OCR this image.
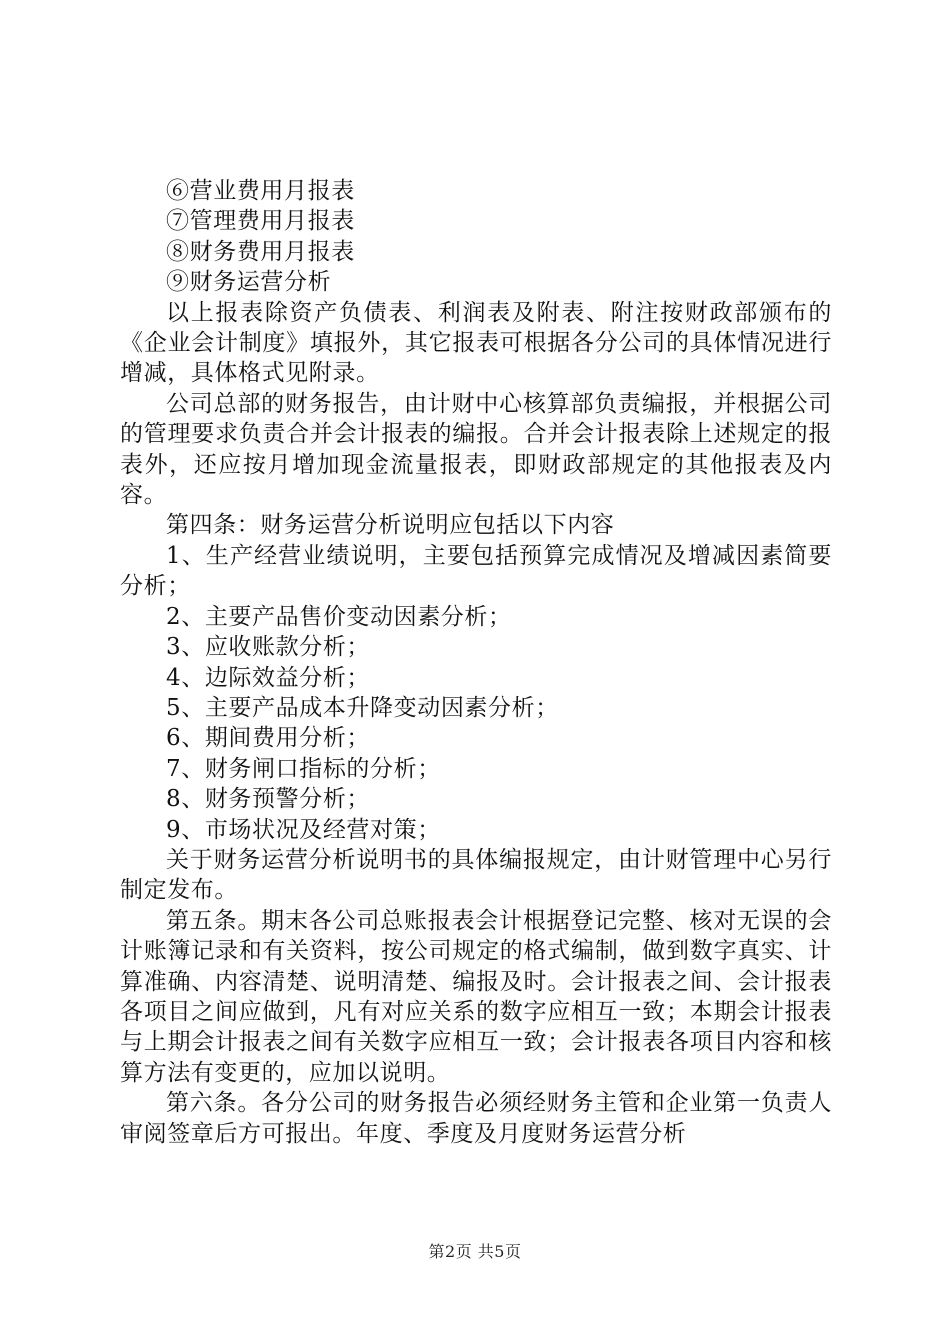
⑥营业费用月报表

⑦管理费用月报表

⑧财务费用月报表

⑨财务运营分析

以上报表除资产负债表、利润表及附表、附注按财政部颁布的《企业会计制度》填报外，其它报表可根据各分公司的具体情况进行增减，具体格式见附录。

公司总部的财务报告，由计财中心核算部负责编报，并根据公司的管理要求负责合并会计报表的编报。合并会计报表除上述规定的报表外，还应按月增加现金流量报表，即财政部规定的其他报表及内容。

第四条：财务运营分析说明应包括以下内容

1、生产经营业绩说明，主要包括预算完成情况及增减因素简要分析；

2、主要产品售价变动因素分析；

3、应收账款分析；

4、边际效益分析；

5、主要产品成本升降变动因素分析；

6、期间费用分析；

7、财务闸口指标的分析；

8、财务预警分析；

9、市场状况及经营对策；

关于财务运营分析说明书的具体编报规定，由计财管理中心另行制定发布。

第五条。期末各公司总账报表会计根据登记完整、核对无误的会计账簿记录和有关资料，按公司规定的格式编制，做到数字真实、计算准确、内容清楚、说明清楚、编报及时。会计报表之间、会计报表各项目之间应做到，凡有对应关系的数字应相互一致；本期会计报表与上期会计报表之间有关数字应相互一致；会计报表各项目内容和核算方法有变更的，应加以说明。

第六条。各分公司的财务报告必须经财务主管和企业第一负责人审阅签章后方可报出。年度、季度及月度财务运营分析

第2页 共5页
